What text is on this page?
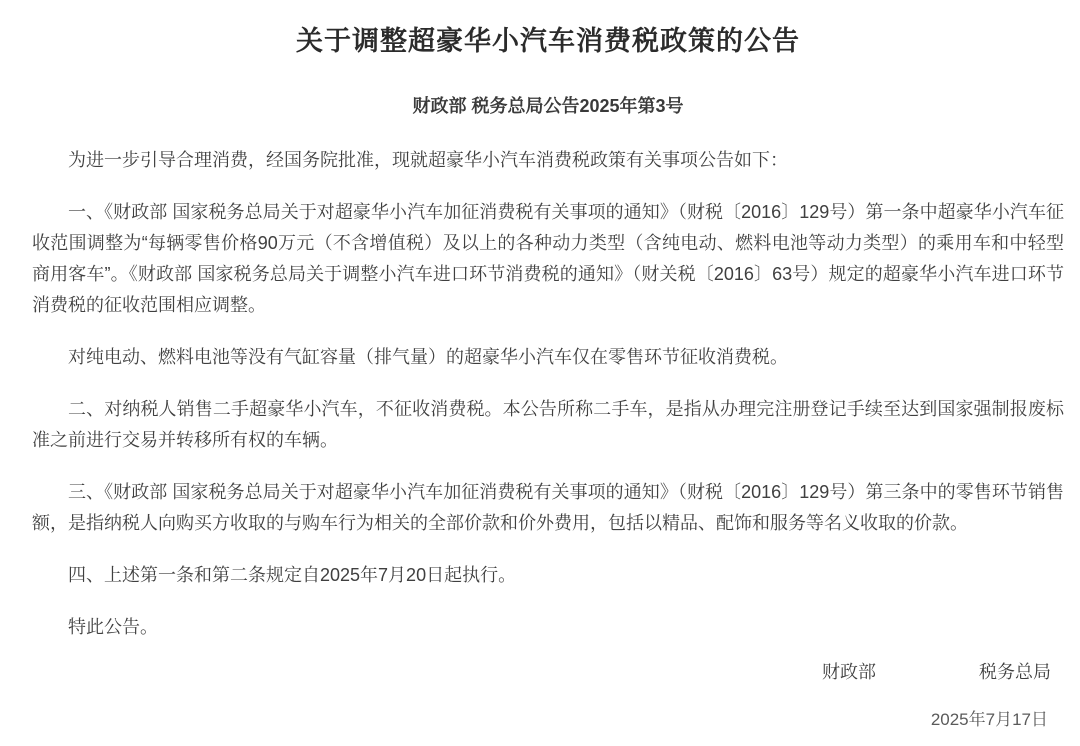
关于调整超豪华小汽车消费税政策的公告
财政部 税务总局公告2025年第3号

为进一步引导合理消费，经国务院批准，现就超豪华小汽车消费税政策有关事项公告如下：

一、《财政部 国家税务总局关于对超豪华小汽车加征消费税有关事项的通知》（财税〔2016〕129号）第一条中超豪华小汽车征收范围调整为“每辆零售价格90万元（不含增值税）及以上的各种动力类型（含纯电动、燃料电池等动力类型）的乘用车和中轻型商用客车”。《财政部 国家税务总局关于调整小汽车进口环节消费税的通知》（财关税〔2016〕63号）规定的超豪华小汽车进口环节消费税的征收范围相应调整。

对纯电动、燃料电池等没有气缸容量（排气量）的超豪华小汽车仅在零售环节征收消费税。

二、对纳税人销售二手超豪华小汽车，不征收消费税。本公告所称二手车，是指从办理完注册登记手续至达到国家强制报废标准之前进行交易并转移所有权的车辆。

三、《财政部 国家税务总局关于对超豪华小汽车加征消费税有关事项的通知》（财税〔2016〕129号）第三条中的零售环节销售额，是指纳税人向购买方收取的与购车行为相关的全部价款和价外费用，包括以精品、配饰和服务等名义收取的价款。

四、上述第一条和第二条规定自2025年7月20日起执行。

特此公告。

财政部	税务总局
2025年7月17日
